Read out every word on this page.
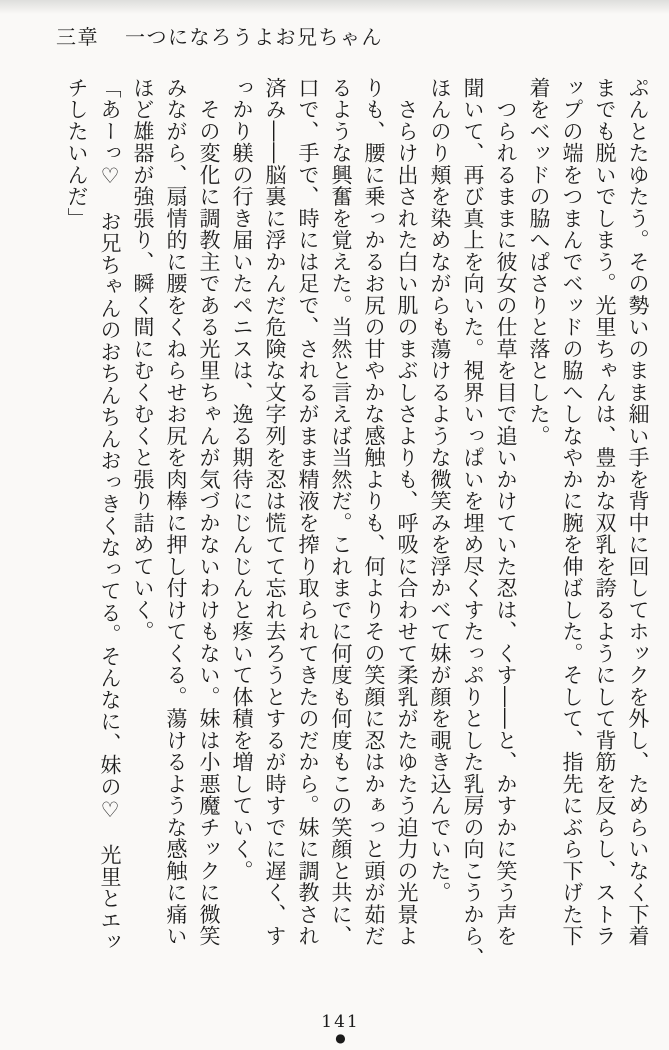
三章 一つになろうよお兄ちゃん

ぷんとたゆたう。その勢いのまま細い手を背中に回してホックを外し、ためらいなく下着

までも脱いでしまう。光里ちゃんは、豊かな双乳を誇るようにして背筋を反らし、ストラ

ップの端をつまんでベッドの脇へしなやかに腕を伸ばした。そして、指先にぶら下げた下

着をベッドの脇へぱさりと落とした。

　つられるままに彼女の仕草を目で追いかけていた忍は、くす――と、かすかに笑う声を

聞いて、再び真上を向いた。視界いっぱいを埋め尽くすたっぷりとした乳房の向こうから、

ほんのり頬を染めながらも蕩けるような微笑みを浮かべて妹が顔を覗き込んでいた。

　さらけ出された白い肌のまぶしさよりも、呼吸に合わせて柔乳がたゆたう迫力の光景よ

りも、腰に乗っかるお尻の甘やかな感触よりも、何よりその笑顔に忍はかぁっと頭が茹だ

るような興奮を覚えた。当然と言えば当然だ。これまでに何度も何度もこの笑顔と共に、

口で、手で、時には足で、されるがまま精液を搾り取られてきたのだから。妹に調教され

済み――脳裏に浮かんだ危険な文字列を忍は慌てて忘れ去ろうとするが時すでに遅く、す

っかり躾の行き届いたペニスは、逸る期待にじんじんと疼いて体積を増していく。

　その変化に調教主である光里ちゃんが気づかないわけもない。妹は小悪魔チックに微笑

みながら、扇情的に腰をくねらせお尻を肉棒に押し付けてくる。蕩けるような感触に痛い

ほど雄器が強張り、瞬く間にむくむくと張り詰めていく。

「あーっ♡　お兄ちゃんのおちんちんおっきくなってる。そんなに、妹の♡　光里とエッ

チしたいんだ」

141
●
